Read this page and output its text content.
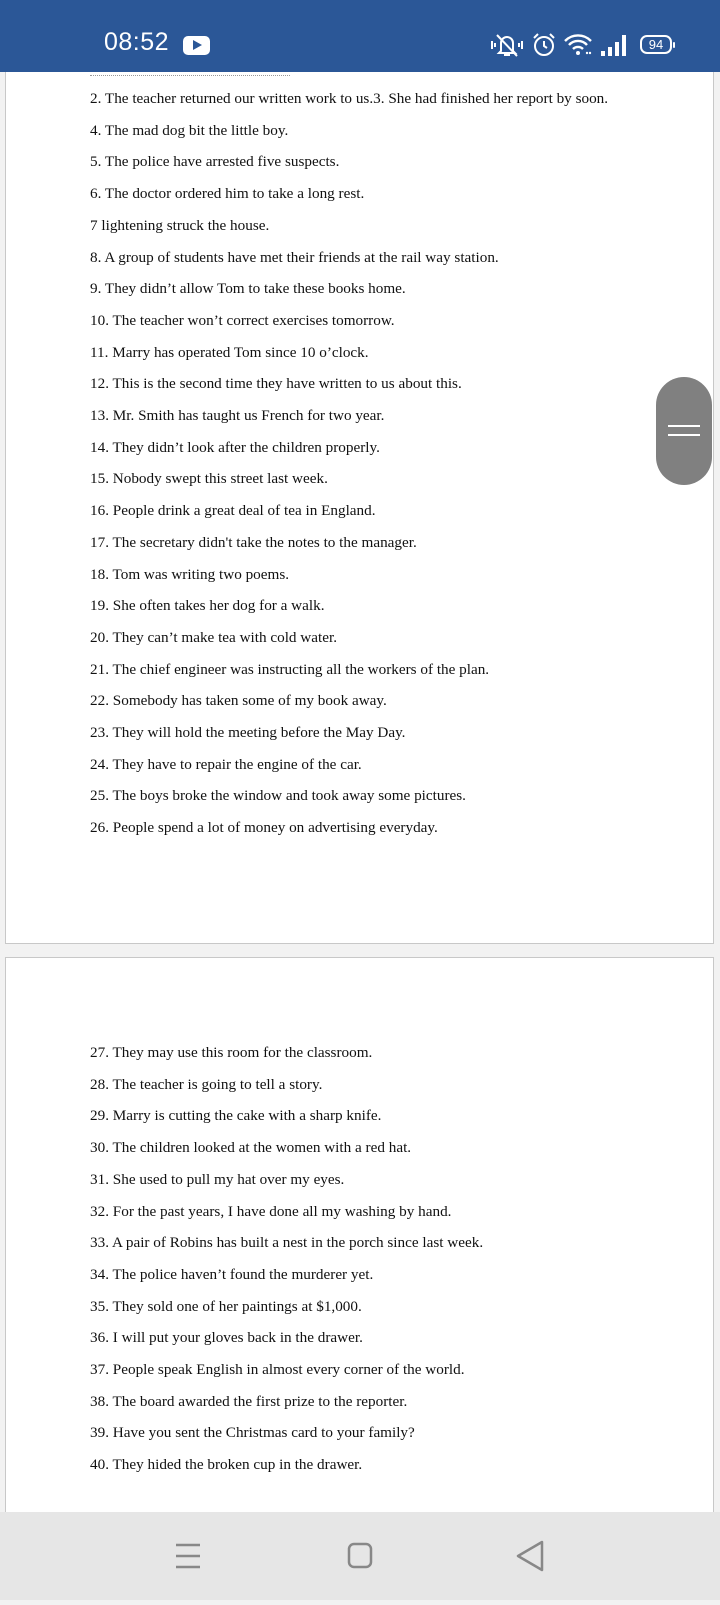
2. The teacher returned our written work to us.3. She had finished her report by soon.
4. The mad dog bit the little boy.
5. The police have arrested five suspects.
6. The doctor ordered him to take a long rest.
7 lightening struck the house.
8. A group of students have met their friends at the rail way station.
9. They didn’t allow Tom to take these books home.
10. The teacher won’t correct exercises tomorrow.
11. Marry has operated Tom since 10 o’clock.
12. This is the second time they have written to us about this.
13. Mr. Smith has taught us French for two year.
14. They didn’t look after the children properly.
15. Nobody swept this street last week.
16. People drink a great deal of tea in England.
17. The secretary didn't take the notes to the manager.
18. Tom was writing two poems.
19. She often takes her dog for a walk.
20. They can’t make tea with cold water.
21. The chief engineer was instructing all the workers of the plan.
22. Somebody has taken some of my book away.
23. They will hold the meeting before the May Day.
24. They have to repair the engine of the car.
25. The boys broke the window and took away some pictures.
26. People spend a lot of money on advertising everyday.
27. They may use this room for the classroom.
28. The teacher is going to tell a story.
29. Marry is cutting the cake with a sharp knife.
30. The children looked at the women with a red hat.
31. She used to pull my hat over my eyes.
32. For the past years, I have done all my washing by hand.
33. A pair of Robins has built a nest in the porch since last week.
34. The police haven’t found the murderer yet.
35. They sold one of her paintings at $1,000.
36. I will put your gloves back in the drawer.
37. People speak English in almost every corner of the world.
38. The board awarded the first prize to the reporter.
39. Have you sent the Christmas card to your family?
40. They hided the broken cup in the drawer.
08:52	94
